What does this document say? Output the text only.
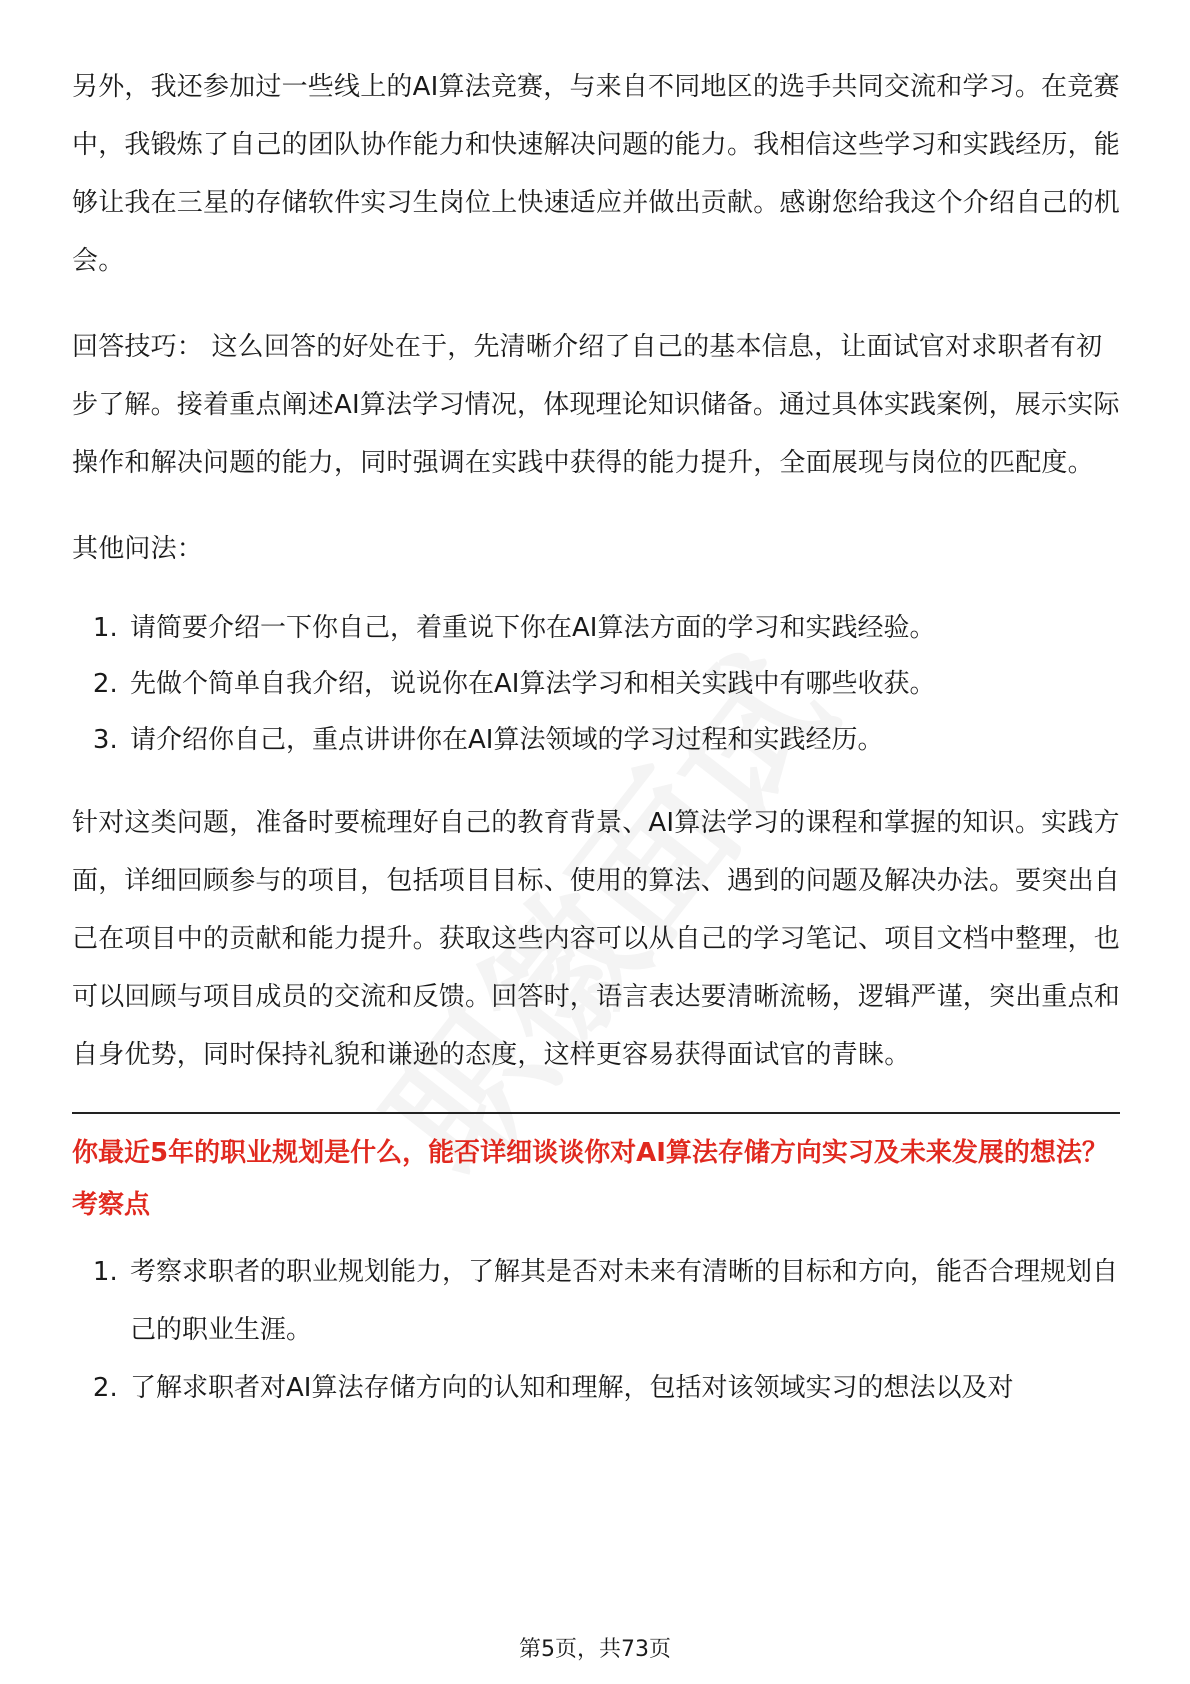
另外，我还参加过一些线上的AI算法竞赛，与来自不同地区的选手共同交流和学习。在竞赛中，我锻炼了自己的团队协作能力和快速解决问题的能力。我相信这些学习和实践经历，能够让我在三星的存储软件实习生岗位上快速适应并做出贡献。感谢您给我这个介绍自己的机会。

回答技巧： 这么回答的好处在于，先清晰介绍了自己的基本信息，让面试官对求职者有初步了解。接着重点阐述AI算法学习情况，体现理论知识储备。通过具体实践案例，展示实际操作和解决问题的能力，同时强调在实践中获得的能力提升，全面展现与岗位的匹配度。

其他问法：

1. 请简要介绍一下你自己，着重说下你在AI算法方面的学习和实践经验。
2. 先做个简单自我介绍，说说你在AI算法学习和相关实践中有哪些收获。
3. 请介绍你自己，重点讲讲你在AI算法领域的学习过程和实践经历。

针对这类问题，准备时要梳理好自己的教育背景、AI算法学习的课程和掌握的知识。实践方面，详细回顾参与的项目，包括项目目标、使用的算法、遇到的问题及解决办法。要突出自己在项目中的贡献和能力提升。获取这些内容可以从自己的学习笔记、项目文档中整理，也可以回顾与项目成员的交流和反馈。回答时，语言表达要清晰流畅，逻辑严谨，突出重点和自身优势，同时保持礼貌和谦逊的态度，这样更容易获得面试官的青睐。

你最近5年的职业规划是什么，能否详细谈谈你对AI算法存储方向实习及未来发展的想法？
考察点
1. 考察求职者的职业规划能力，了解其是否对未来有清晰的目标和方向，能否合理规划自己的职业生涯。
2. 了解求职者对AI算法存储方向的认知和理解，包括对该领域实习的想法以及对
第5页，共73页
